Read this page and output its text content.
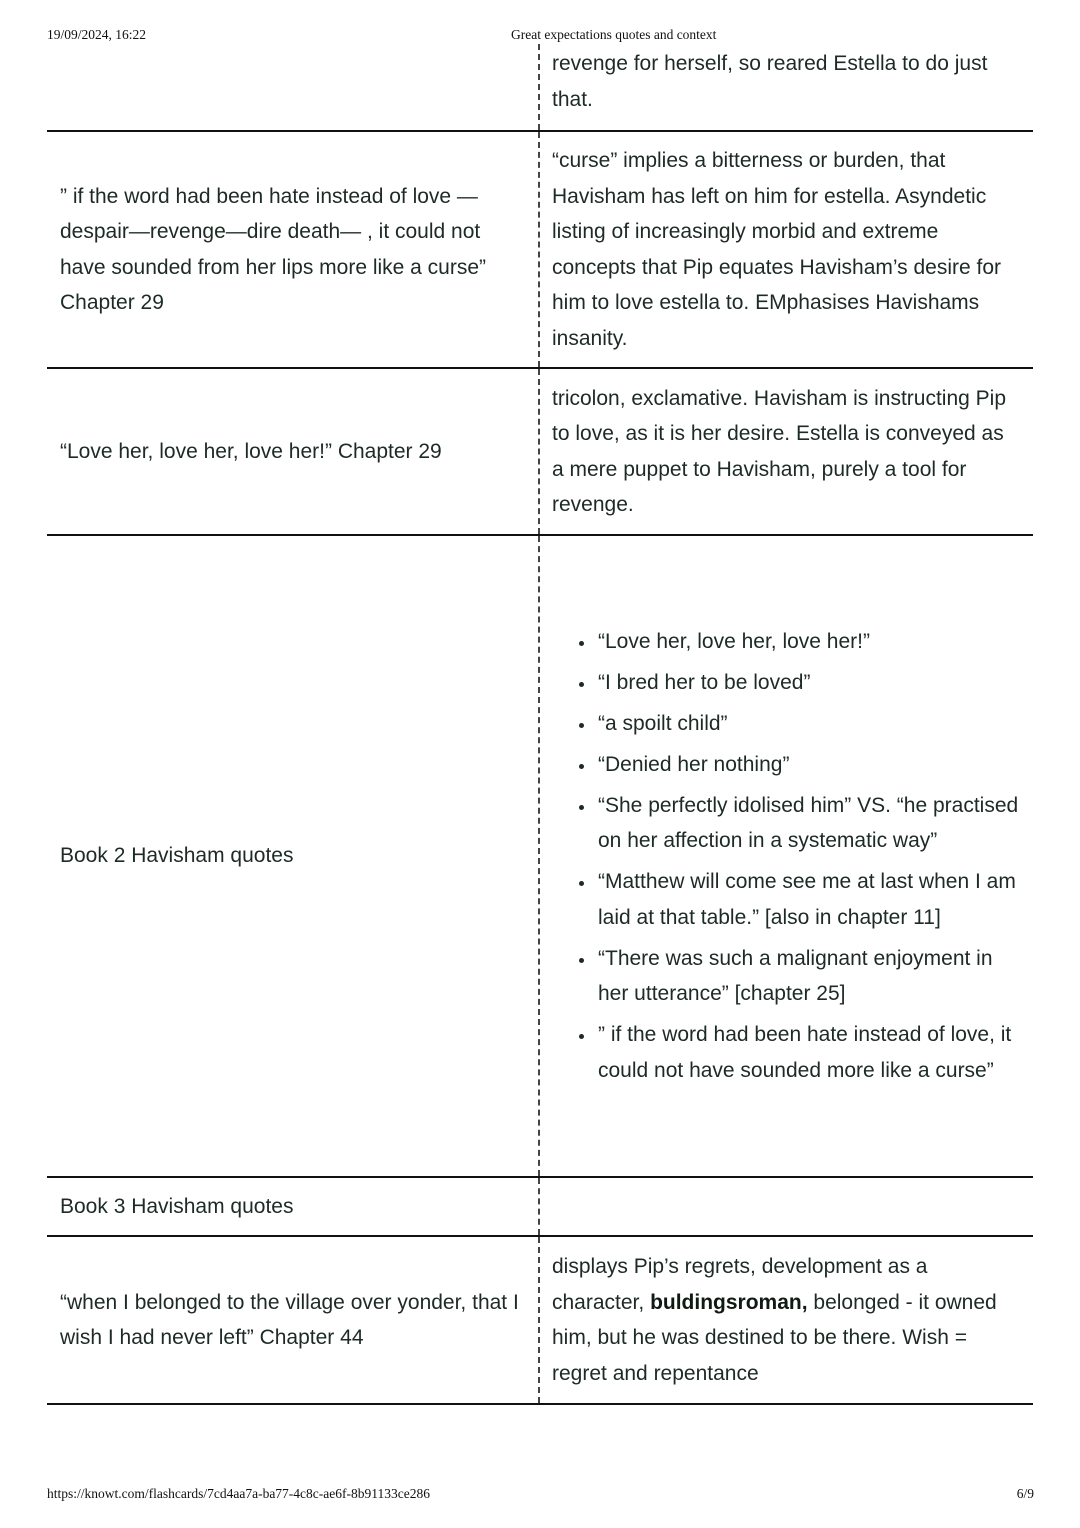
19/09/2024, 16:22	Great expectations quotes and context
revenge for herself, so reared Estella to do just that.
” if the word had been hate instead of love — despair—revenge—dire death— , it could not have sounded from her lips more like a curse” Chapter 29
“curse” implies a bitterness or burden, that Havisham has left on him for estella. Asyndetic listing of increasingly morbid and extreme concepts that Pip equates Havisham’s desire for him to love estella to. EMphasises Havishams insanity.
“Love her, love her, love her!” Chapter 29
tricolon, exclamative. Havisham is instructing Pip to love, as it is her desire. Estella is conveyed as a mere puppet to Havisham, purely a tool for revenge.
Book 2 Havisham quotes
• “Love her, love her, love her!”
• “I bred her to be loved”
• “a spoilt child”
• “Denied her nothing”
• “She perfectly idolised him” VS. “he practised on her affection in a systematic way”
• “Matthew will come see me at last when I am laid at that table.” [also in chapter 11]
• “There was such a malignant enjoyment in her utterance” [chapter 25]
• ” if the word had been hate instead of love, it could not have sounded more like a curse”
Book 3 Havisham quotes
“when I belonged to the village over yonder, that I wish I had never left” Chapter 44
displays Pip’s regrets, development as a character, buldingsroman, belonged - it owned him, but he was destined to be there. Wish = regret and repentance
https://knowt.com/flashcards/7cd4aa7a-ba77-4c8c-ae6f-8b91133ce286	6/9
